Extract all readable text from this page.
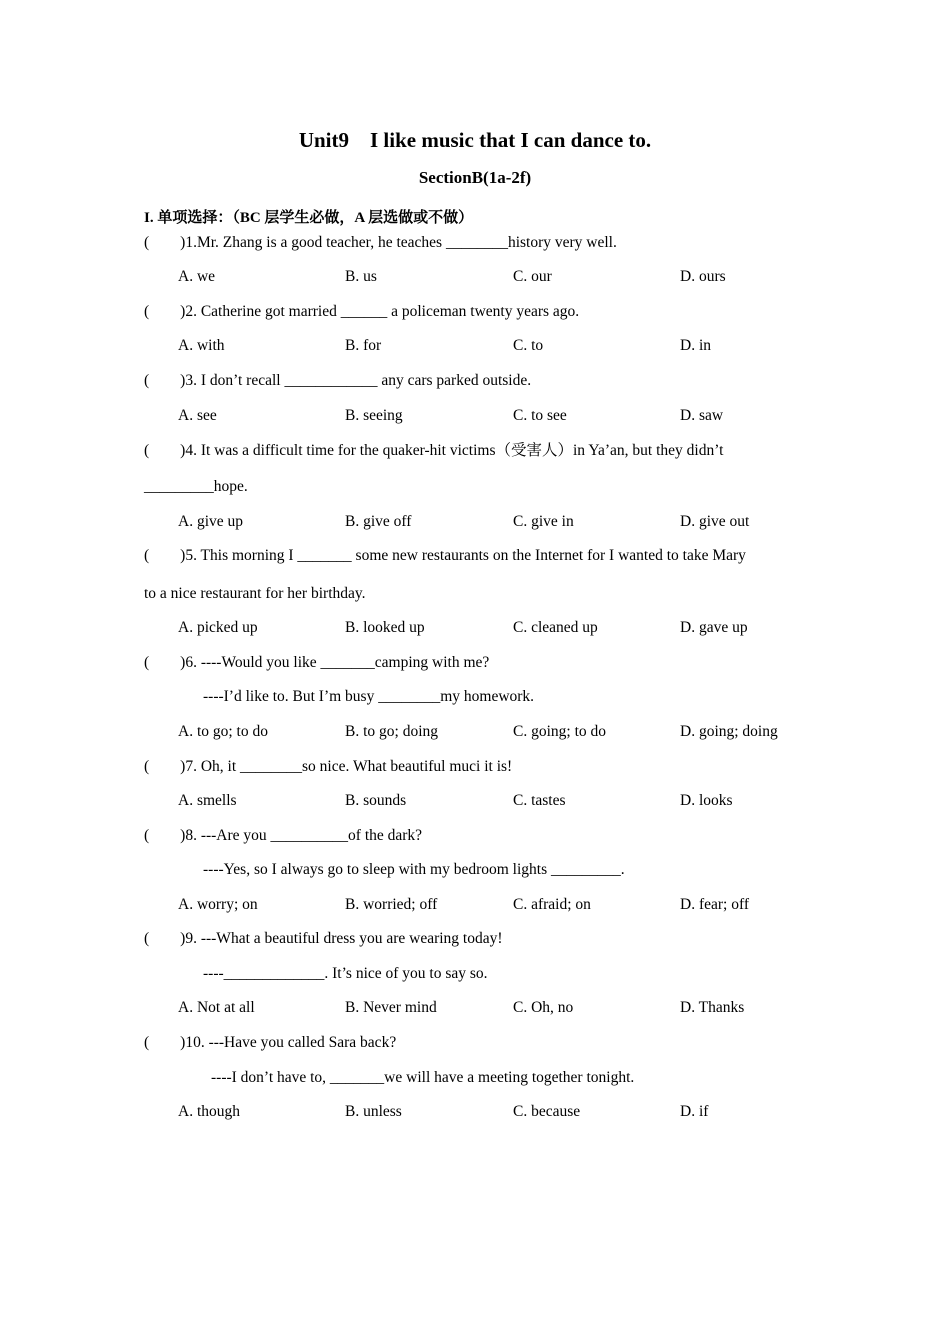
Unit9    I like music that I can dance to.
SectionB(1a-2f)
I. 单项选择：（BC 层学生必做，A 层选做或不做）
(        )1.Mr. Zhang is a good teacher, he teaches ________history very well.
A. we	B. us	C. our	D. ours
(        )2. Catherine got married ______ a policeman twenty years ago.
A. with	B. for	C. to	D. in
(        )3. I don’t recall ____________ any cars parked outside.
A. see	B. seeing	C. to see	D. saw
(        )4. It was a difficult time for the quaker-hit victims（受害人）in Ya’an, but they didn’t
_________hope.
A. give up	B. give off	C. give in	D. give out
(        )5. This morning I _______ some new restaurants on the Internet for I wanted to take Mary
to a nice restaurant for her birthday.
A. picked up	B. looked up	C. cleaned up	D. gave up
(        )6. ----Would you like _______camping with me?
----I’d like to. But I’m busy ________my homework.
A. to go; to do	B. to go; doing	C. going; to do	D. going; doing
(        )7. Oh, it ________so nice. What beautiful muci it is!
A. smells	B. sounds	C. tastes	D. looks
(        )8. ---Are you __________of the dark?
----Yes, so I always go to sleep with my bedroom lights _________.
A. worry; on	B. worried; off	C. afraid; on	D. fear; off
(        )9. ---What a beautiful dress you are wearing today!
----_____________. It’s nice of you to say so.
A. Not at all	B. Never mind	C. Oh, no	D. Thanks
(        )10. ---Have you called Sara back?
----I don’t have to, _______we will have a meeting together tonight.
A. though	B. unless	C. because	D. if
